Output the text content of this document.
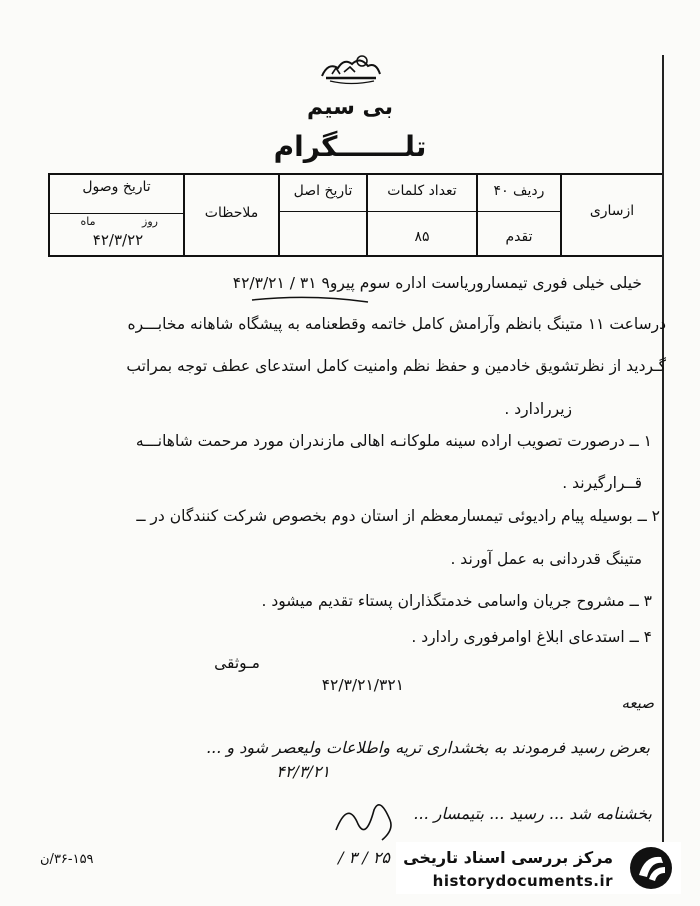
بی سیم
تلـــــــگرام
ازساری
ردیف ۴۰
تقدم
تعداد کلمات
۸۵
تاریخ اصل
ملاحظات
تاریخ وصول
روز
ماه
۴۲/۳/۲۲
خیلی خیلی فوری تیمساروریاست اداره سوم پیرو۹ ۳۱ / ۴۲/۳/۲۱
درساعت ۱۱ متینگ بانظم وآرامش کامل خاتمه وقطعنامه به پیشگاه شاهانه مخابـــره
گـردید از نظرتشویق خادمین و حفظ نظم وامنیت کامل استدعای عطف توجه بمراتب
زیررادارد .
۱ ــ درصورت تصویب اراده سینه ملوکانـه اهالی مازندران مورد مرحمت شاهانـــه
قــرارگیرند .
۲ ــ بوسیله پیام رادیوئی تیمسارمعظم از استان دوم بخصوص شرکت کنندگان در ــ
متینگ قدردانی به عمل آورند .
۳ ــ مشروح جریان واسامی خدمتگذاران پستاء تقدیم میشود .
۴ ــ استدعای ابلاغ اوامرفوری رادارد .
مـوثقی
۴۲/۳/۲۱/۳۲۱
صیعه
بعرض رسید فرمودند به بخشداری تریه واطلاعات ولیعصر شود و ...
۴۲/۳/۲۱
بخشنامه شد ... رسید ... بتیمسار ...
۲۵ / ۳ /
۳۶-۱۵۹/ن	مرکز بررسی اسناد تاریخی
historydocuments.ir
